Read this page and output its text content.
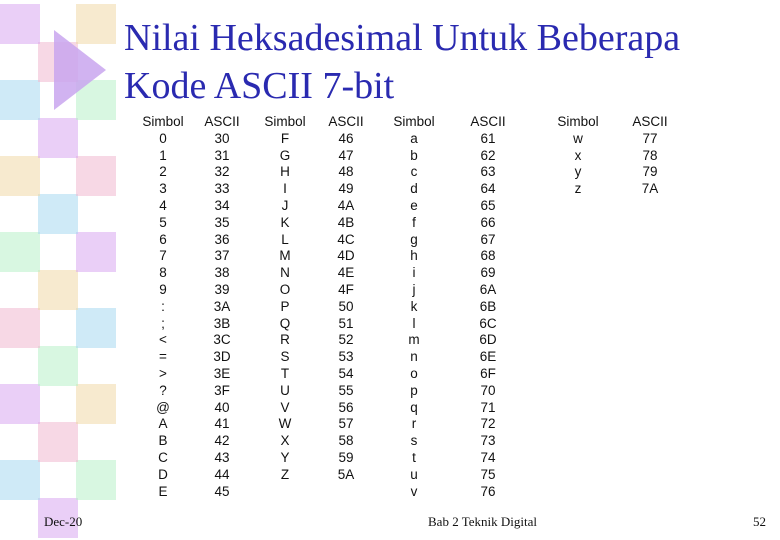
Nilai Heksadesimal Untuk Beberapa
Kode ASCII 7-bit
Simbol
0
1
2
3
4
5
6
7
8
9
:
;
<
=
>
?
@
A
B
C
D
E
ASCII
30
31
32
33
34
35
36
37
38
39
3A
3B
3C
3D
3E
3F
40
41
42
43
44
45
Simbol
F
G
H
I
J
K
L
M
N
O
P
Q
R
S
T
U
V
W
X
Y
Z
ASCII
46
47
48
49
4A
4B
4C
4D
4E
4F
50
51
52
53
54
55
56
57
58
59
5A
Simbol
a
b
c
d
e
f
g
h
i
j
k
l
m
n
o
p
q
r
s
t
u
v
ASCII
61
62
63
64
65
66
67
68
69
6A
6B
6C
6D
6E
6F
70
71
72
73
74
75
76
Simbol
w
x
y
z
ASCII
77
78
79
7A
Dec-20	Bab 2 Teknik Digital	52
